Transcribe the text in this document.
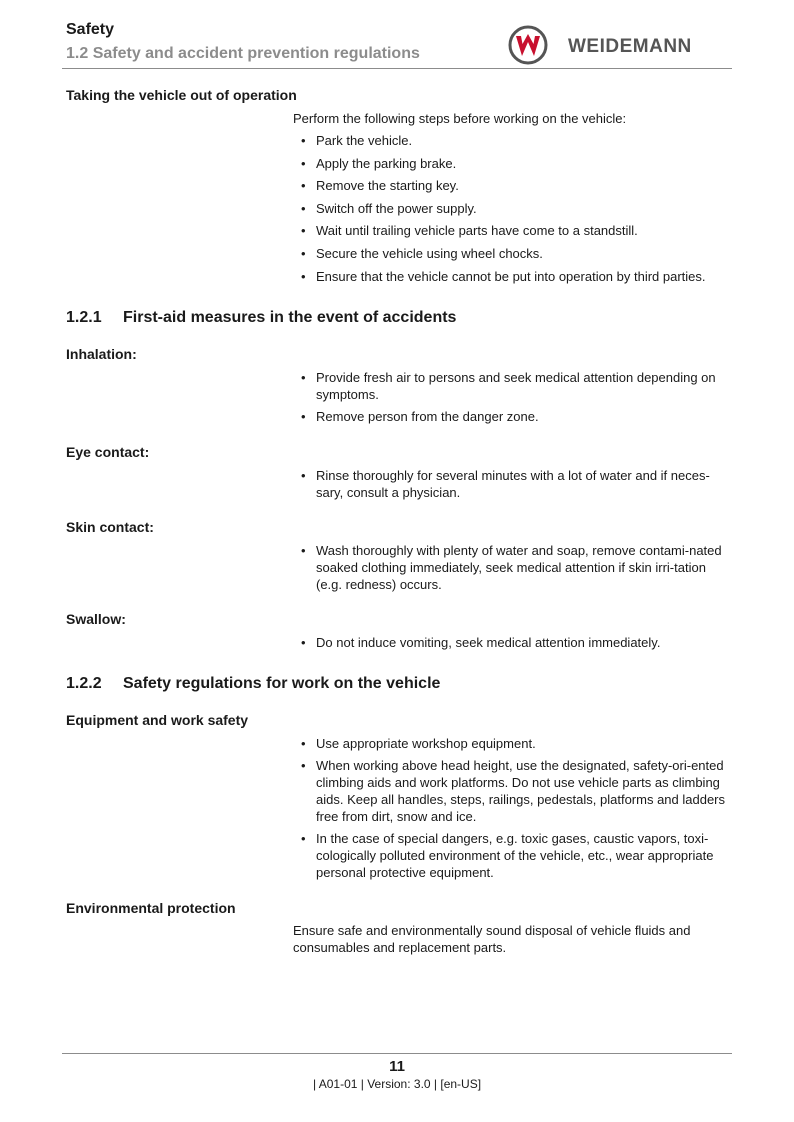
Safety
1.2 Safety and accident prevention regulations	WEIDEMANN
Taking the vehicle out of operation
Perform the following steps before working on the vehicle:
• Park the vehicle.
• Apply the parking brake.
• Remove the starting key.
• Switch off the power supply.
• Wait until trailing vehicle parts have come to a standstill.
• Secure the vehicle using wheel chocks.
• Ensure that the vehicle cannot be put into operation by third parties.
1.2.1 First-aid measures in the event of accidents
Inhalation:
• Provide fresh air to persons and seek medical attention depending on symptoms.
• Remove person from the danger zone.
Eye contact:
• Rinse thoroughly for several minutes with a lot of water and if neces-sary, consult a physician.
Skin contact:
• Wash thoroughly with plenty of water and soap, remove contami-nated soaked clothing immediately, seek medical attention if skin irri-tation (e.g. redness) occurs.
Swallow:
• Do not induce vomiting, seek medical attention immediately.
1.2.2 Safety regulations for work on the vehicle
Equipment and work safety
• Use appropriate workshop equipment.
• When working above head height, use the designated, safety-ori-ented climbing aids and work platforms. Do not use vehicle parts as climbing aids. Keep all handles, steps, railings, pedestals, platforms and ladders free from dirt, snow and ice.
• In the case of special dangers, e.g. toxic gases, caustic vapors, toxi-cologically polluted environment of the vehicle, etc., wear appropriate personal protective equipment.
Environmental protection
Ensure safe and environmentally sound disposal of vehicle fluids and consumables and replacement parts.
11
| A01-01 | Version: 3.0 | [en-US]
